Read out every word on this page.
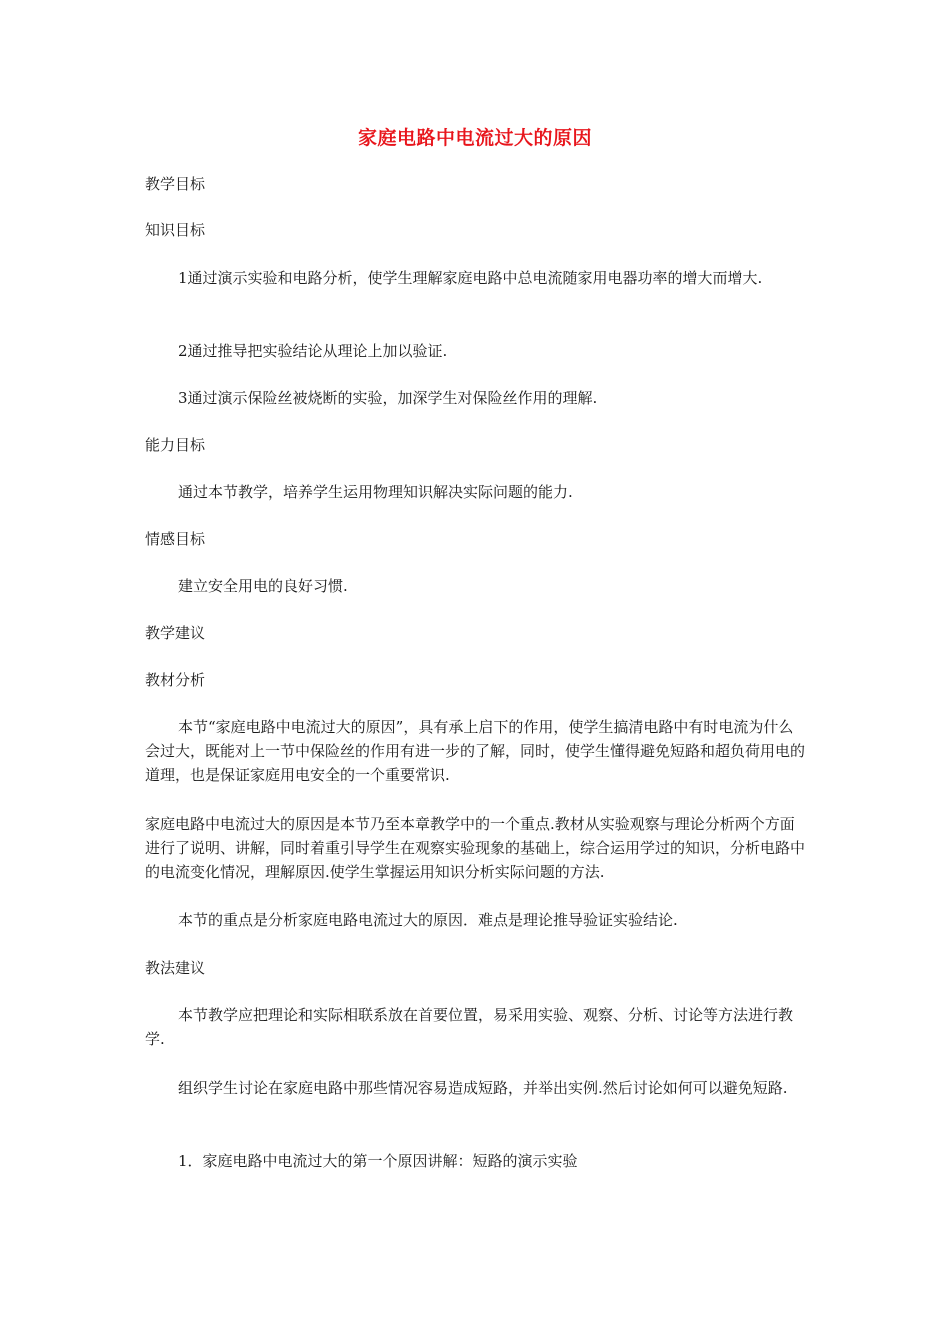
家庭电路中电流过大的原因

教学目标

知识目标

1通过演示实验和电路分析，使学生理解家庭电路中总电流随家用电器功率的增大而增大.

2通过推导把实验结论从理论上加以验证.

3通过演示保险丝被烧断的实验，加深学生对保险丝作用的理解.

能力目标

通过本节教学，培养学生运用物理知识解决实际问题的能力.

情感目标

建立安全用电的良好习惯.

教学建议

教材分析

本节“家庭电路中电流过大的原因”，具有承上启下的作用，使学生搞清电路中有时电流为什么会过大，既能对上一节中保险丝的作用有进一步的了解，同时，使学生懂得避免短路和超负荷用电的道理，也是保证家庭用电安全的一个重要常识.

家庭电路中电流过大的原因是本节乃至本章教学中的一个重点.教材从实验观察与理论分析两个方面进行了说明、讲解，同时着重引导学生在观察实验现象的基础上，综合运用学过的知识，分析电路中的电流变化情况，理解原因.使学生掌握运用知识分析实际问题的方法.

本节的重点是分析家庭电路电流过大的原因．难点是理论推导验证实验结论.

教法建议

本节教学应把理论和实际相联系放在首要位置，易采用实验、观察、分析、讨论等方法进行教学.

组织学生讨论在家庭电路中那些情况容易造成短路，并举出实例.然后讨论如何可以避免短路.

1．家庭电路中电流过大的第一个原因讲解：短路的演示实验
